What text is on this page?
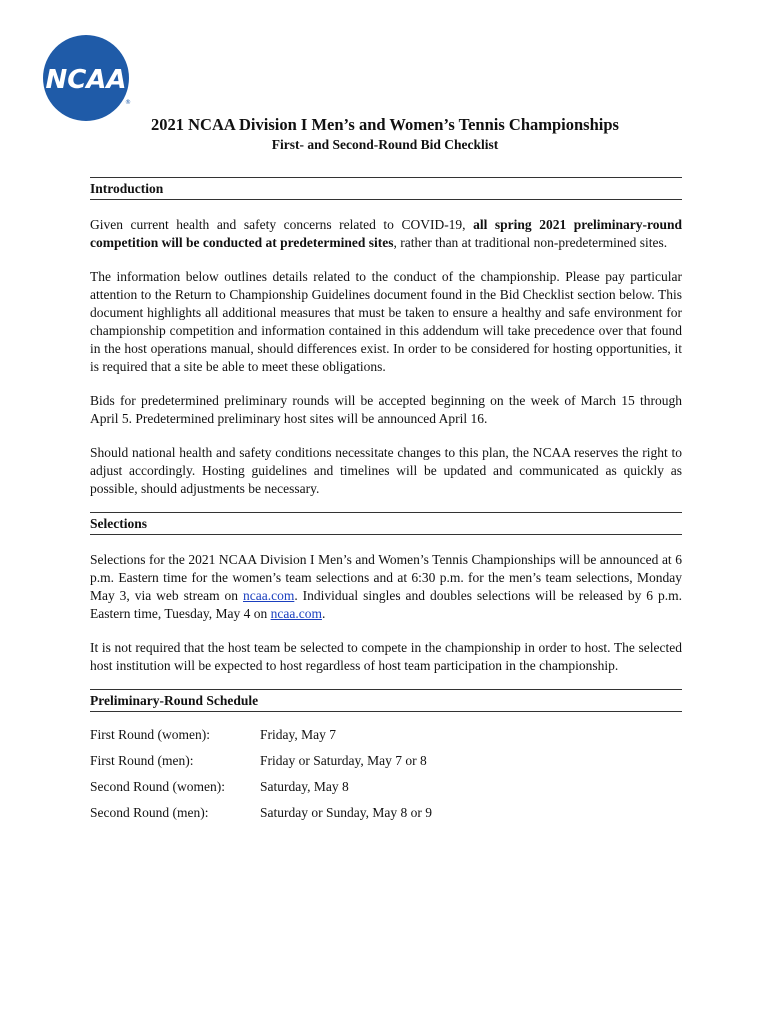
NCAA
®
2021 NCAA Division I Men’s and Women’s Tennis Championships
First- and Second-Round Bid Checklist
Introduction

Given current health and safety concerns related to COVID-19, all spring 2021 preliminary-round competition will be conducted at predetermined sites, rather than at traditional non-predetermined sites.

The information below outlines details related to the conduct of the championship. Please pay particular attention to the Return to Championship Guidelines document found in the Bid Checklist section below. This document highlights all additional measures that must be taken to ensure a healthy and safe environment for championship competition and information contained in this addendum will take precedence over that found in the host operations manual, should differences exist. In order to be considered for hosting opportunities, it is required that a site be able to meet these obligations.

Bids for predetermined preliminary rounds will be accepted beginning on the week of March 15 through April 5. Predetermined preliminary host sites will be announced April 16.

Should national health and safety conditions necessitate changes to this plan, the NCAA reserves the right to adjust accordingly. Hosting guidelines and timelines will be updated and communicated as quickly as possible, should adjustments be necessary.

Selections

Selections for the 2021 NCAA Division I Men’s and Women’s Tennis Championships will be announced at 6 p.m. Eastern time for the women’s team selections and at 6:30 p.m. for the men’s team selections, Monday May 3, via web stream on ncaa.com. Individual singles and doubles selections will be released by 6 p.m. Eastern time, Tuesday, May 4 on ncaa.com.

It is not required that the host team be selected to compete in the championship in order to host. The selected host institution will be expected to host regardless of host team participation in the championship.

Preliminary-Round Schedule
First Round (women):	Friday, May 7
First Round (men):	Friday or Saturday, May 7 or 8
Second Round (women):	Saturday, May 8
Second Round (men):	Saturday or Sunday, May 8 or 9
